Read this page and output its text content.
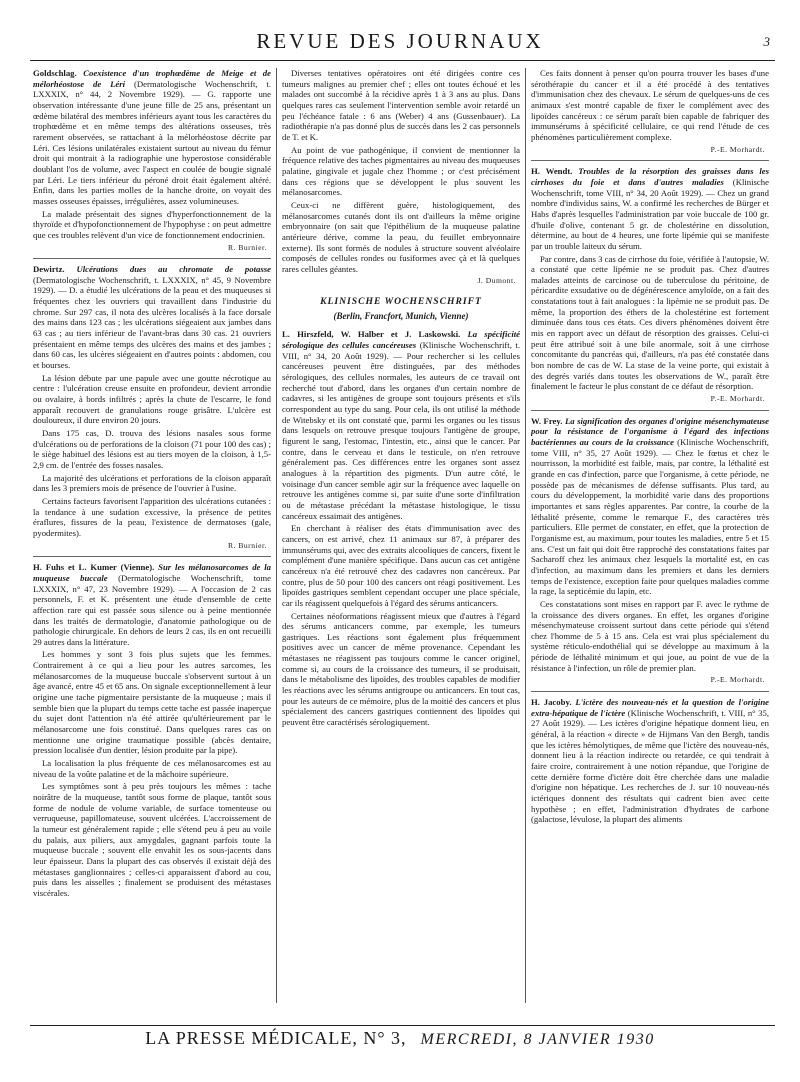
REVUE DES JOURNAUX	3

Goldschlag. Coexistence d'un trophœdème de Meige et de mélorhéostose de Léri (Dermatologische Wochenschrift, t. LXXXIX, n° 44, 2 Novembre 1929). — G. rapporte une observation intéressante d'une jeune fille de 25 ans, présentant un œdème bilatéral des membres inférieurs ayant tous les caractères du trophœdème et en même temps des altérations osseuses, très rarement observées, se rattachant à la mélorhéostose décrite par Léri. Ces lésions unilatérales existaient surtout au niveau du fémur droit qui montrait à la radiographie une hyperostose considérable doublant l'os de volume, avec l'aspect en coulée de bougie signalé par Léri. Le tiers inférieur du péroné droit était également altéré. Enfin, dans les parties molles de la hanche droite, on voyait des masses osseuses épaisses, irrégulières, assez volumineuses.

La malade présentait des signes d'hyperfonctionnement de la thyroïde et d'hypofonctionnement de l'hypophyse : on peut admettre que ces troubles relèvent d'un vice de fonctionnement endocrinien.

R. Burnier.

Dewirtz. Ulcérations dues au chromate de potasse (Dermatologische Wochenschrift, t. LXXXIX, n° 45, 9 Novembre 1929). — D. a étudié les ulcérations de la peau et des muqueuses si fréquentes chez les ouvriers qui travaillent dans l'industrie du chrome. Sur 297 cas, il nota des ulcères localisés à la face dorsale des mains dans 123 cas ; les ulcérations siégeaient aux jambes dans 63 cas ; au tiers inférieur de l'avant-bras dans 30 cas. 21 ouvriers présentaient en même temps des ulcères des mains et des jambes ; dans 60 cas, les ulcères siégeaient en d'autres points : abdomen, cou et bourses.

La lésion débute par une papule avec une goutte nécrotique au centre : l'ulcération creuse ensuite en profondeur, devient arrondie ou ovalaire, à bords infiltrés ; après la chute de l'escarre, le fond apparaît recouvert de granulations rouge grisâtre. L'ulcère est douloureux, il dure environ 20 jours.

Dans 175 cas, D. trouva des lésions nasales sous forme d'ulcérations ou de perforations de la cloison (71 pour 100 des cas) ; le siège habituel des lésions est au tiers moyen de la cloison, à 1,5-2,9 cm. de l'entrée des fosses nasales.

La majorité des ulcérations et perforations de la cloison apparaît dans les 3 premiers mois de présence de l'ouvrier à l'usine.

Certains facteurs favorisent l'apparition des ulcérations cutanées : la tendance à une sudation excessive, la présence de petites éraflures, fissures de la peau, l'existence de dermatoses (gale, pyodermites).

R. Burnier.

H. Fuhs et L. Kumer (Vienne). Sur les mélanosarcomes de la muqueuse buccale (Dermatologische Wochenschrift, tome LXXXIX, n° 47, 23 Novembre 1929). — A l'occasion de 2 cas personnels, F. et K. présentent une étude d'ensemble de cette affection rare qui est passée sous silence ou à peine mentionnée dans les traités de dermatologie, d'anatomie pathologique ou de pathologie chirurgicale. En dehors de leurs 2 cas, ils en ont recueilli 29 autres dans la littérature.

Les hommes y sont 3 fois plus sujets que les femmes. Contrairement à ce qui a lieu pour les autres sarcomes, les mélanosarcomes de la muqueuse buccale s'observent surtout à un âge avancé, entre 45 et 65 ans. On signale exceptionnellement à leur origine une tache pigmentaire persistante de la muqueuse ; mais il semble bien que la plupart du temps cette tache est passée inaperçue du sujet dont l'attention n'a été attirée qu'ultérieurement par le mélanosarcome une fois constitué. Dans quelques rares cas on mentionne une origine traumatique possible (abcès dentaire, pression localisée d'un dentier, lésion produite par la pipe).

La localisation la plus fréquente de ces mélanosarcomes est au niveau de la voûte palatine et de la mâchoire supérieure.

Les symptômes sont à peu près toujours les mêmes : tache noirâtre de la muqueuse, tantôt sous forme de plaque, tantôt sous forme de nodule de volume variable, de surface tomenteuse ou verruqueuse, papillomateuse, souvent ulcérées. L'accroissement de la tumeur est généralement rapide ; elle s'étend peu à peu au voile du palais, aux piliers, aux amygdales, gagnant parfois toute la muqueuse buccale ; souvent elle envahit les os sous-jacents dans leur épaisseur. Dans la plupart des cas observés il existait déjà des métastases ganglionnaires ; celles-ci apparaissent d'abord au cou, puis dans les aisselles ; finalement se produisent des métastases viscérales.

Diverses tentatives opératoires ont été dirigées contre ces tumeurs malignes au premier chef ; elles ont toutes échoué et les malades ont succombé à la récidive après 1 à 3 ans au plus. Dans quelques rares cas seulement l'intervention semble avoir retardé un peu l'échéance fatale : 6 ans (Weber) 4 ans (Gussenbauer). La radiothérapie n'a pas donné plus de succès dans les 2 cas personnels de T. et K.

Au point de vue pathogénique, il convient de mentionner la fréquence relative des taches pigmentaires au niveau des muqueuses palatine, gingivale et jugale chez l'homme ; or c'est précisément dans ces régions que se développent le plus souvent les mélanosarcomes.

Ceux-ci ne diffèrent guère, histologiquement, des mélanosarcomes cutanés dont ils ont d'ailleurs la même origine embryonnaire (on sait que l'épithélium de la muqueuse palatine antérieure dérive, comme la peau, du feuillet embryonnaire externe). Ils sont formés de nodules à structure souvent alvéolaire composés de cellules rondes ou fusiformes avec çà et là quelques rares cellules géantes.

J. Dumont.
KLINISCHE WOCHENSCHRIFT
(Berlin, Francfort, Munich, Vienne)

L. Hirszfeld, W. Halber et J. Laskowski. La spécificité sérologique des cellules cancéreuses (Klinische Wochenschrift, t. VIII, n° 34, 20 Août 1929). — Pour rechercher si les cellules cancéreuses peuvent être distinguées, par des méthodes sérologiques, des cellules normales, les auteurs de ce travail ont recherché tout d'abord, dans les organes d'un certain nombre de cadavres, si les antigènes de groupe sont toujours présents et s'ils correspondent au type du sang. Pour cela, ils ont utilisé la méthode de Witebsky et ils ont constaté que, parmi les organes ou les tissus dans lesquels on retrouve presque toujours l'antigène de groupe, figurent le sang, l'estomac, l'intestin, etc., ainsi que le cancer. Par contre, dans le cerveau et dans le testicule, on n'en retrouve généralement pas. Ces différences entre les organes sont assez analogues à la répartition des pigments. D'un autre côté, le voisinage d'un cancer semble agir sur la fréquence avec laquelle on retrouve les antigènes comme si, par suite d'une sorte d'infiltration ou de métastase précédant la métastase histologique, le tissu cancéreux essaimait des antigènes.

En cherchant à réaliser des états d'immunisation avec des cancers, on est arrivé, chez 11 animaux sur 87, à préparer des immunsérums qui, avec des extraits alcooliques de cancers, fixent le complément d'une manière spécifique. Dans aucun cas cet antigène cancéreux n'a été retrouvé chez des cadavres non cancéreux. Par contre, plus de 50 pour 100 des cancers ont réagi positivement. Les lipoïdes gastriques semblent cependant occuper une place spéciale, car ils réagissent quelquefois à l'égard des sérums anticancers.

Certaines néoformations réagissent mieux que d'autres à l'égard des sérums anticancers comme, par exemple, les tumeurs gastriques. Les réactions sont également plus fréquemment positives avec un cancer de même provenance. Cependant les métastases ne réagissent pas toujours comme le cancer originel, comme si, au cours de la croissance des tumeurs, il se produisait, dans le métabolisme des lipoïdes, des troubles capables de modifier les réactions avec les sérums antigroupe ou anticancers. En tout cas, pour les auteurs de ce mémoire, plus de la moitié des cancers et plus spécialement des cancers gastriques contiennent des lipoïdes qui peuvent être caractérisés sérologiquement.

Ces faits donnent à penser qu'on pourra trouver les bases d'une sérothérapie du cancer et il a été procédé à des tentatives d'immunisation chez des chevaux. Le sérum de quelques-uns de ces animaux s'est montré capable de fixer le complément avec des lipoïdes cancéreux : ce sérum paraît bien capable de fabriquer des immunsérums à spécificité cellulaire, ce qui rend l'étude de ces phénomènes particulièrement complexe.

P.-E. Morhardt.

H. Wendt. Troubles de la résorption des graisses dans les cirrhoses du foie et dans d'autres maladies (Klinische Wochenschrift, tome VIII, n° 34, 20 Août 1929). — Chez un grand nombre d'individus sains, W. a confirmé les recherches de Bürger et Habs d'après lesquelles l'administration par voie buccale de 100 gr. d'huile d'olive, contenant 5 gr. de cholestérine en dissolution, détermine, au bout de 4 heures, une forte lipémie qui se manifeste par un trouble laiteux du sérum.

Par contre, dans 3 cas de cirrhose du foie, vérifiée à l'autopsie, W. a constaté que cette lipémie ne se produit pas. Chez d'autres malades atteints de carcinose ou de tuberculose du péritoine, de péricardite exsudative ou de dégénérescence amyloïde, on a fait des constatations tout à fait analogues : la lipémie ne se produit pas. De même, la proportion des éthers de la cholestérine est fortement diminuée dans tous ces états. Ces divers phénomènes doivent être mis en rapport avec un défaut de résorption des graisses. Celui-ci peut être attribué soit à une bile anormale, soit à une cirrhose concomitante du pancréas qui, d'ailleurs, n'a pas été constatée dans bon nombre de cas de W. La stase de la veine porte, qui existait à des degrés variés dans toutes les observations de W., paraît être finalement le facteur le plus constant de ce défaut de résorption.

P.-E. Morhardt.

W. Frey. La signification des organes d'origine mésenchymateuse pour la résistance de l'organisme à l'égard des infections bactériennes au cours de la croissance (Klinische Wochenschrift, tome VIII, n° 35, 27 Août 1929). — Chez le fœtus et chez le nourrisson, la morbidité est faible, mais, par contre, la léthalité est grande en cas d'infection, parce que l'organisme, à cette période, ne possède pas de mécanismes de défense suffisants. Plus tard, au cours du développement, la morbidité varie dans des proportions importantes et sans règles apparentes. Par contre, la courbe de la léthalité présente, comme le remarque F., des caractères très particuliers. Elle permet de constater, en effet, que la protection de l'organisme est, au maximum, pour toutes les maladies, entre 5 et 15 ans. C'est un fait qui doit être rapproché des constatations faites par Sacharoff chez les animaux chez lesquels la mortalité est, en cas d'infection, au maximum dans les premiers et dans les derniers temps de l'existence, exception faite pour quelques maladies comme la rage, la septicémie du lapin, etc.

Ces constatations sont mises en rapport par F. avec le rythme de la croissance des divers organes. En effet, les organes d'origine mésenchymateuse croissent surtout dans cette période qui s'étend chez l'homme de 5 à 15 ans. Cela est vrai plus spécialement du système réticulo-endothélial qui se développe au maximum à la période de léthalité minimum et qui joue, au point de vue de la résistance à l'infection, un rôle de premier plan.

P.-E. Morhardt.

H. Jacoby. L'ictère des nouveau-nés et la question de l'origine extra-hépatique de l'ictère (Klinische Wochenschrift, t. VIII, n° 35, 27 Août 1929). — Les ictères d'origine hépatique donnent lieu, en général, à la réaction « directe » de Hijmans Van den Bergh, tandis que les ictères hémolytiques, de même que l'ictère des nouveau-nés, donnent lieu à la réaction indirecte ou retardée, ce qui tendrait à faire croire, contrairement à une notion répandue, que l'origine de cette dernière forme d'ictère doit être cherchée dans une maladie d'origine non hépatique. Les recherches de J. sur 10 nouveau-nés ictériques donnent des résultats qui cadrent bien avec cette hypothèse ; en effet, l'administration d'hydrates de carbone (galactose, lévulose, la plupart des aliments

LA PRESSE MÉDICALE, N° 3, MERCREDI, 8 JANVIER 1930
